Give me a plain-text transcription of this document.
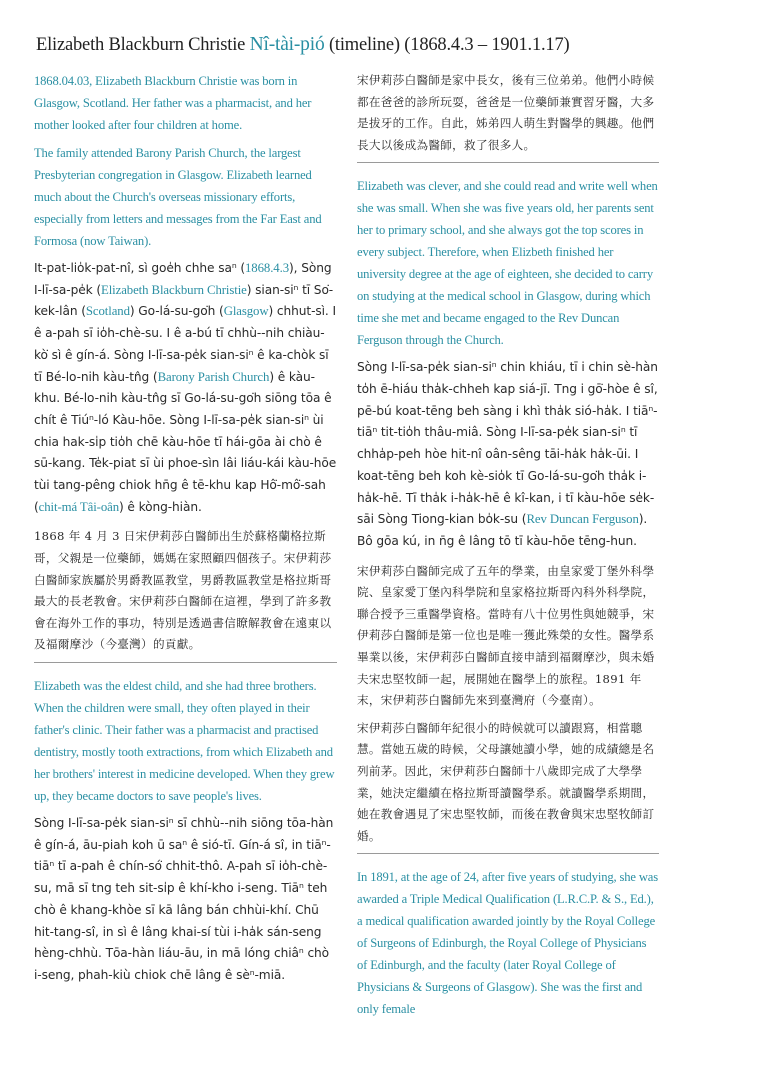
Elizabeth Blackburn Christie Nî-tài-pió (timeline) (1868.4.3 – 1901.1.17)

1868.04.03, Elizabeth Blackburn Christie was born in Glasgow, Scotland. Her father was a pharmacist, and her mother looked after four children at home.

The family attended Barony Parish Church, the largest Presbyterian congregation in Glasgow. Elizabeth learned much about the Church's overseas missionary efforts, especially from letters and messages from the Far East and Formosa (now Taiwan).

It-pat-lio̍k-pat-nî, sì goe̍h chhe saⁿ (1868.4.3), Sòng I-lī-sa-pe̍k (Elizabeth Blackburn Christie) sian-siⁿ tī So͘-kek-lân (Scotland) Go-lá-su-go͘h (Glasgow) chhut-sì. I ê a-pah sī io̍h-chè-su. I ê a-bú tī chhù--nih chiàu-kò͘ sì ê gín-á. Sòng I-lī-sa-pe̍k sian-siⁿ ê ka-chòk sī tī Bé-lo-nih kàu-tn̂g (Barony Parish Church) ê kàu-khu. Bé-lo-nih kàu-tn̂g sī Go-lá-su-go͘h siōng tōa ê chít ê Tiúⁿ-ló Kàu-hōe. Sòng I-lī-sa-pe̍k sian-siⁿ ùi chia hak-si̍p tio̍h chē kàu-hōe tī hái-gōa ài chò ê sū-kang. Te̍k-piat sī ùi phoe-sìn lâi liáu-kái kàu-hōe tùi tang-pêng chiok hn̄g ê tē-khu kap Hô͘-mô͘-sah (chit-má Tâi-oân) ê kòng-hiàn.

1868 年 4 月 3 日宋伊莉莎白醫師出生於蘇格蘭格拉斯哥，父親是一位藥師，媽媽在家照顧四個孩子。宋伊莉莎白醫師家族屬於男爵教區教堂，男爵教區教堂是格拉斯哥最大的長老教會。宋伊莉莎白醫師在這裡，學到了許多教會在海外工作的事功，特別是透過書信瞭解教會在遠東以及福爾摩沙（今臺灣）的貢獻。

Elizabeth was the eldest child, and she had three brothers. When the children were small, they often played in their father's clinic. Their father was a pharmacist and practised dentistry, mostly tooth extractions, from which Elizabeth and her brothers' interest in medicine developed. When they grew up, they became doctors to save people's lives.

Sòng I-lī-sa-pe̍k sian-siⁿ sī chhù--nih siōng tōa-hàn ê gín-á, āu-piah koh ū saⁿ ê sió-tī. Gín-á sî, in tiāⁿ-tiāⁿ tī a-pah ê chín-só͘ chhit-thô. A-pah sī io̍h-chè-su, mā sī tng teh sit-si̍p ê khí-kho i-seng. Tiāⁿ teh chò ê khang-khòe sī kā lâng bán chhùi-khí. Chū hit-tang-sî, in sì ê lâng khai-sí tùi i-ha̍k sán-seng hèng-chhù. Tōa-hàn liáu-āu, in mā lóng chiâⁿ chò i-seng, phah-kiù chiok chē lâng ê sèⁿ-miā.

宋伊莉莎白醫師是家中長女，後有三位弟弟。他們小時候都在爸爸的診所玩耍，爸爸是一位藥師兼實習牙醫，大多是拔牙的工作。自此，姊弟四人萌生對醫學的興趣。他們長大以後成為醫師，救了很多人。

Elizabeth was clever, and she could read and write well when she was small. When she was five years old, her parents sent her to primary school, and she always got the top scores in every subject. Therefore, when Elizbeth finished her university degree at the age of eighteen, she decided to carry on studying at the medical school in Glasgow, during which time she met and became engaged to the Rev Duncan Ferguson through the Church.

Sòng I-lī-sa-pe̍k sian-siⁿ chin khiáu, tī i chin sè-hàn to̍h ē-hiáu tha̍k-chheh kap siá-jī. Tng i gō͘-hòe ê sî, pē-bú koat-tēng beh sàng i khì tha̍k sió-ha̍k. I tiāⁿ-tiāⁿ tit-tio̍h thâu-miâ. Sòng I-lī-sa-pe̍k sian-siⁿ tī chha̍p-peh hòe hit-nî oân-sêng tāi-ha̍k ha̍k-ūi. I koat-tēng beh koh kè-sio̍k tī Go-lá-su-go͘h tha̍k i-ha̍k-hē. Tī tha̍k i-ha̍k-hē ê kî-kan, i tī kàu-hōe se̍k-sāi Sòng Tiong-kian bo̍k-su (Rev Duncan Ferguson). Bô gōa kú, in n̄g ê lâng tō tī kàu-hōe tēng-hun.

宋伊莉莎白醫師完成了五年的學業，由皇家愛丁堡外科學院、皇家愛丁堡內科學院和皇家格拉斯哥內科外科學院，聯合授予三重醫學資格。當時有八十位男性與她競爭，宋伊莉莎白醫師是第一位也是唯一獲此殊榮的女性。醫學系畢業以後，宋伊莉莎白醫師直接申請到福爾摩沙，與未婚夫宋忠堅牧師一起，展開她在醫學上的旅程。1891 年末，宋伊莉莎白醫師先來到臺灣府（今臺南）。

宋伊莉莎白醫師年紀很小的時候就可以讀跟寫，相當聰慧。當她五歲的時候，父母讓她讀小學，她的成績總是名列前茅。因此，宋伊莉莎白醫師十八歲即完成了大學學業，她決定繼續在格拉斯哥讀醫學系。就讀醫學系期間，她在教會遇見了宋忠堅牧師，而後在教會與宋忠堅牧師訂婚。

In 1891, at the age of 24, after five years of studying, she was awarded a Triple Medical Qualification (L.R.C.P. & S., Ed.), a medical qualification awarded jointly by the Royal College of Surgeons of Edinburgh, the Royal College of Physicians of Edinburgh, and the faculty (later Royal College of Physicians & Surgeons of Glasgow). She was the first and only female
